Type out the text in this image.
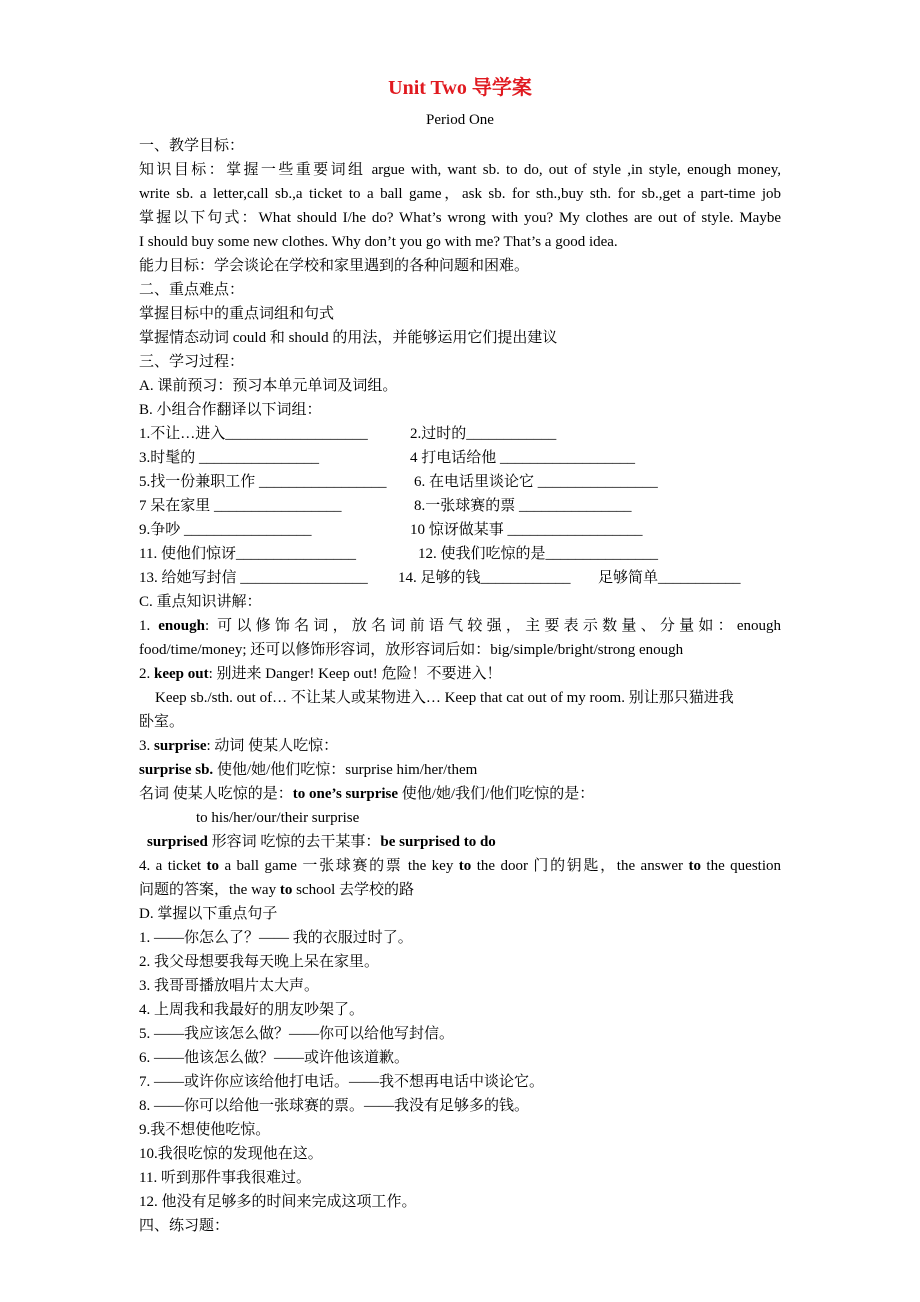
Unit Two 导学案
Period One
一、教学目标：
知识目标：掌握一些重要词组 argue with, want sb. to do, out of style ,in style, enough money,
write sb. a letter,call sb.,a ticket to a ball game，ask sb. for sth.,buy sth. for sb.,get a part-time job
掌握以下句式：What should I/he do? What’s wrong with you? My clothes are out of style. Maybe
I should buy some new clothes. Why don’t you go with me? That’s a good idea.
能力目标：学会谈论在学校和家里遇到的各种问题和困难。
二、重点难点：
掌握目标中的重点词组和句式
掌握情态动词 could 和 should 的用法，并能够运用它们提出建议
三、学习过程：
A. 课前预习：预习本单元单词及词组。
B. 小组合作翻译以下词组：
1.不让…进入___________________	2.过时的____________
3.时髦的 ________________	4 打电话给他 __________________
5.找一份兼职工作 _________________ 6. 在电话里谈论它 ________________
7 呆在家里 _________________	8.一张球赛的票 _______________
9.争吵 _________________	10 惊讶做某事 __________________
11. 使他们惊讶________________	12. 使我们吃惊的是_______________
13. 给她写封信 _________________ 14. 足够的钱____________ 足够简单___________
C. 重点知识讲解：
1. enough: 可以修饰名词，放名词前语气较强，主要表示数量、分量如：enough
food/time/money; 还可以修饰形容词，放形容词后如：big/simple/bright/strong enough
2. keep out: 别进来 Danger! Keep out! 危险！不要进入！
Keep sb./sth. out of… 不让某人或某物进入… Keep that cat out of my room. 别让那只猫进我
卧室。
3. surprise: 动词 使某人吃惊：
surprise sb. 使他/她/他们吃惊：surprise him/her/them
名词 使某人吃惊的是：to one’s surprise 使他/她/我们/他们吃惊的是：
to his/her/our/their surprise
surprised 形容词 吃惊的去干某事：be surprised to do
4. a ticket to a ball game 一张球赛的票 the key to the door 门的钥匙，the answer to the question
问题的答案，the way to school 去学校的路
D. 掌握以下重点句子
1. ——你怎么了？—— 我的衣服过时了。
2. 我父母想要我每天晚上呆在家里。
3. 我哥哥播放唱片太大声。
4. 上周我和我最好的朋友吵架了。
5. ——我应该怎么做？——你可以给他写封信。
6. ——他该怎么做？——或许他该道歉。
7. ——或许你应该给他打电话。——我不想再电话中谈论它。
8. ——你可以给他一张球赛的票。——我没有足够多的钱。
9.我不想使他吃惊。
10.我很吃惊的发现他在这。
11. 听到那件事我很难过。
12. 他没有足够多的时间来完成这项工作。
四、练习题：
